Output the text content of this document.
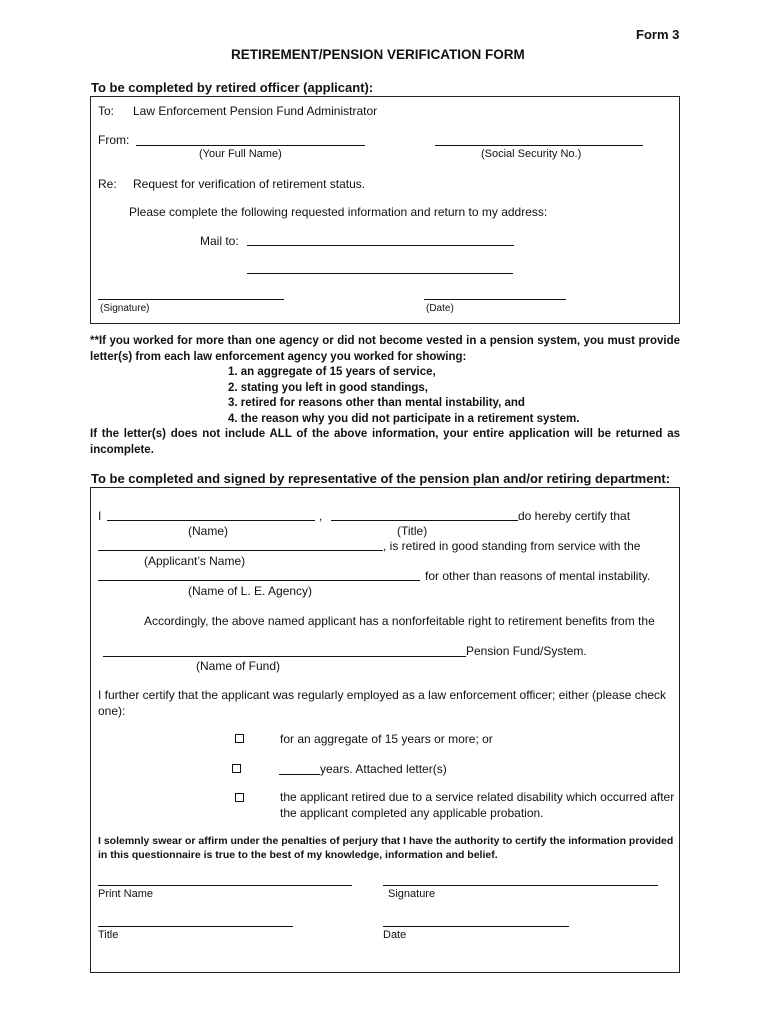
Form 3
RETIREMENT/PENSION VERIFICATION FORM
To be completed by retired officer (applicant):
To: Law Enforcement Pension Fund Administrator
From:
(Your Full Name)	(Social Security No.)
Re: Request for verification of retirement status.
Please complete the following requested information and return to my address:
Mail to:
(Signature)	(Date)
**If you worked for more than one agency or did not become vested in a pension system, you must provide letter(s) from each law enforcement agency you worked for showing:
1. an aggregate of 15 years of service,
2. stating you left in good standings,
3. retired for reasons other than mental instability, and
4. the reason why you did not participate in a retirement system.
If the letter(s) does not include ALL of the above information, your entire application will be returned as incomplete.
To be completed and signed by representative of the pension plan and/or retiring department:
I	,	do hereby certify that
(Name)	(Title)
, is retired in good standing from service with the
(Applicant’s Name)
for other than reasons of mental instability.
(Name of L. E. Agency)
Accordingly, the above named applicant has a nonforfeitable right to retirement benefits from the
Pension Fund/System.
(Name of Fund)
I further certify that the applicant was regularly employed as a law enforcement officer; either (please check one):
for an aggregate of 15 years or more; or
years. Attached letter(s)
the applicant retired due to a service related disability which occurred after the applicant completed any applicable probation.
I solemnly swear or affirm under the penalties of perjury that I have the authority to certify the information provided in this questionnaire is true to the best of my knowledge, information and belief.
Print Name	Signature
Title	Date
